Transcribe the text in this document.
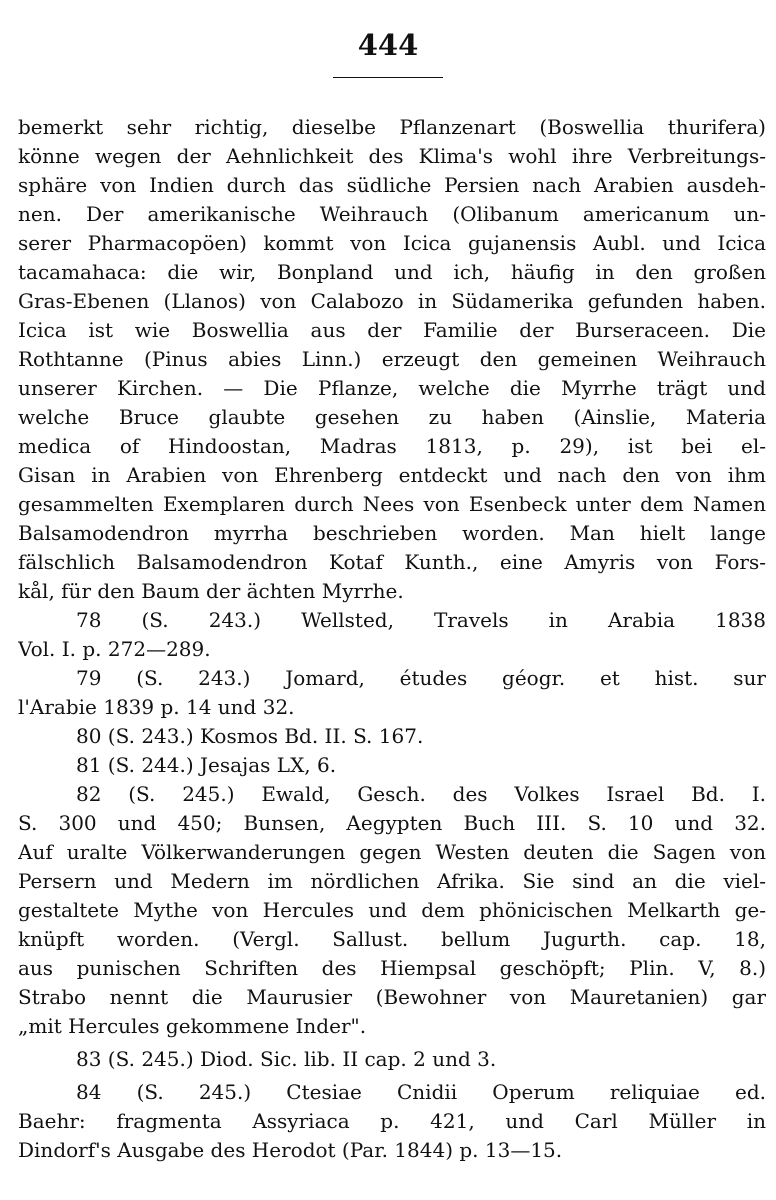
444
bemerkt sehr richtig, dieselbe Pflanzenart (Boswellia thurifera)
könne wegen der Aehnlichkeit des Klima's wohl ihre Verbreitungs-
sphäre von Indien durch das südliche Persien nach Arabien ausdeh-
nen. Der amerikanische Weihrauch (Olibanum americanum un-
serer Pharmacopöen) kommt von Icica gujanensis Aubl. und Icica
tacamahaca: die wir, Bonpland und ich, häufig in den großen
Gras-Ebenen (Llanos) von Calabozo in Südamerika gefunden haben.
Icica ist wie Boswellia aus der Familie der Burseraceen. Die
Rothtanne (Pinus abies Linn.) erzeugt den gemeinen Weihrauch
unserer Kirchen. — Die Pflanze, welche die Myrrhe trägt und
welche Bruce glaubte gesehen zu haben (Ainslie, Materia
medica of Hindoostan, Madras 1813, p. 29), ist bei el-
Gisan in Arabien von Ehrenberg entdeckt und nach den von ihm
gesammelten Exemplaren durch Nees von Esenbeck unter dem Namen
Balsamodendron myrrha beschrieben worden. Man hielt lange
fälschlich Balsamodendron Kotaf Kunth., eine Amyris von Fors-
kål, für den Baum der ächten Myrrhe.
78 (S. 243.) Wellsted, Travels in Arabia 1838
Vol. I. p. 272—289.
79 (S. 243.) Jomard, études géogr. et hist. sur
l'Arabie 1839 p. 14 und 32.
80 (S. 243.) Kosmos Bd. II. S. 167.
81 (S. 244.) Jesajas LX, 6.
82 (S. 245.) Ewald, Gesch. des Volkes Israel Bd. I.
S. 300 und 450; Bunsen, Aegypten Buch III. S. 10 und 32.
Auf uralte Völkerwanderungen gegen Westen deuten die Sagen von
Persern und Medern im nördlichen Afrika. Sie sind an die viel-
gestaltete Mythe von Hercules und dem phönicischen Melkarth ge-
knüpft worden. (Vergl. Sallust. bellum Jugurth. cap. 18,
aus punischen Schriften des Hiempsal geschöpft; Plin. V, 8.)
Strabo nennt die Maurusier (Bewohner von Mauretanien) gar
„mit Hercules gekommene Inder".
83 (S. 245.) Diod. Sic. lib. II cap. 2 und 3.
84 (S. 245.) Ctesiae Cnidii Operum reliquiae ed.
Baehr: fragmenta Assyriaca p. 421, und Carl Müller in
Dindorf's Ausgabe des Herodot (Par. 1844) p. 13—15.
